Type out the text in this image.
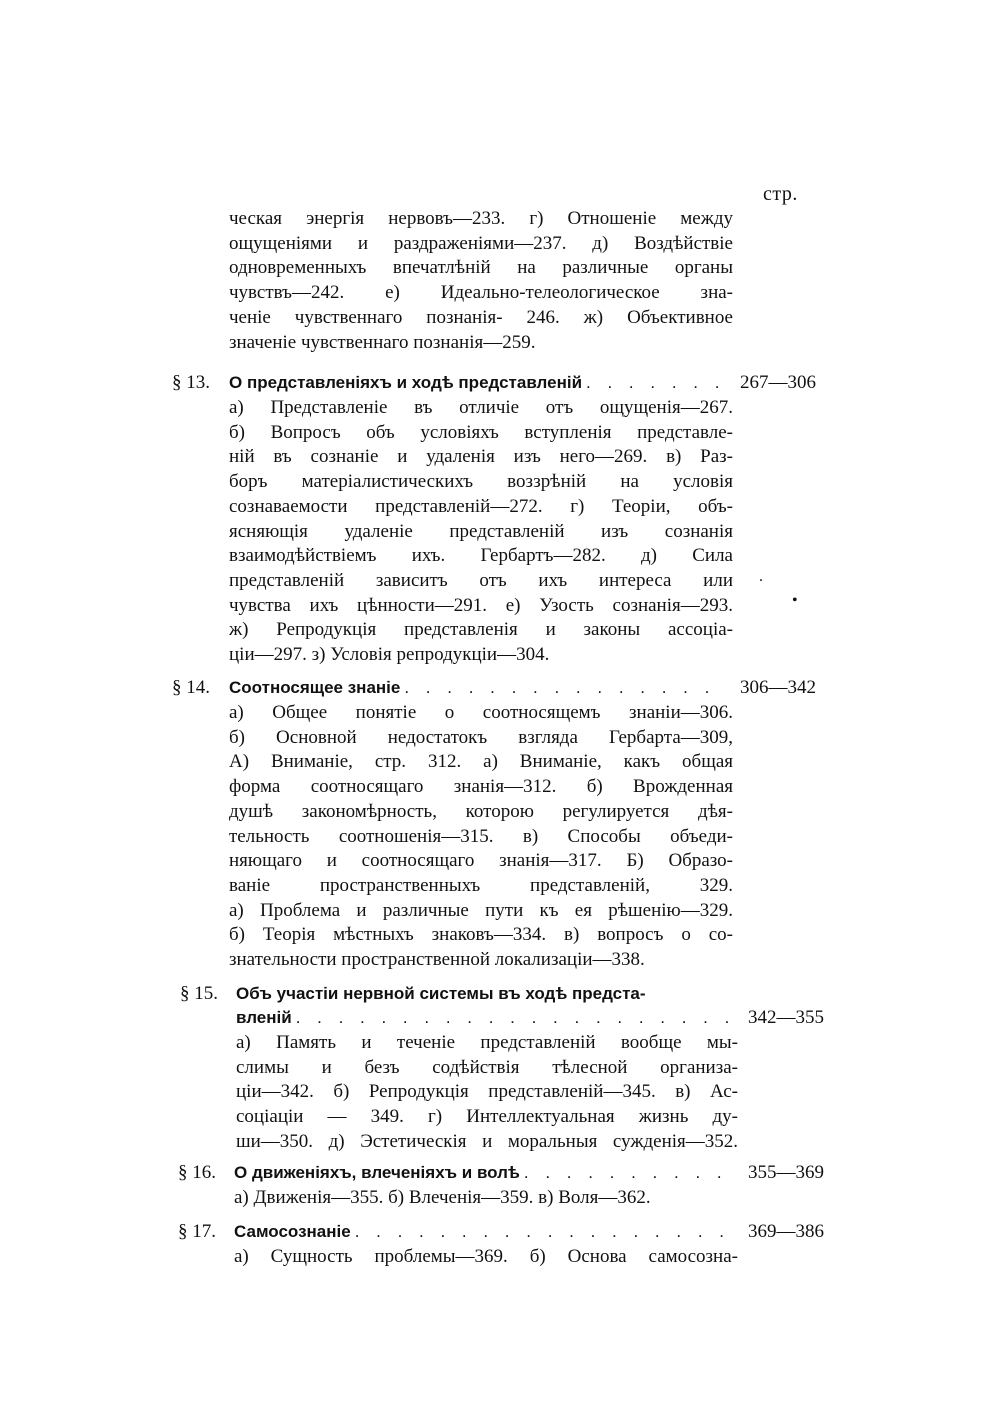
стр.
ческая энергія нервовъ—233. г) Отношеніе между
ощущеніями и раздраженіями—237. д) Воздѣйствіе
одновременныхъ впечатлѣній на различные органы
чувствъ—242. е) Идеально-телеологическое зна-
ченіе чувственнаго познанія- 246. ж) Объективное
значеніе чувственнаго познанія—259.
§ 13. О представленіяхъ и ходѣ представленій . . .	267—306
а) Представленіе въ отличіе отъ ощущенія—267.
б) Вопросъ объ условіяхъ вступленія представле-
ній въ сознаніе и удаленія изъ него—269. в) Раз-
боръ матеріалистическихъ воззрѣній на условія
сознаваемости представленій—272. г) Теоріи, объ-
ясняющія удаленіе представленій изъ сознанія
взаимодѣйствіемъ ихъ. Гербартъ—282. д) Сила
представленій зависитъ отъ ихъ интереса или
чувства ихъ цѣнности—291. е) Узость сознанія—293.
ж) Репродукція представленія и законы ассоціа-
ціи—297. з) Условія репродукціи—304.
.
•
§ 14. Соотносящее знаніе . . .	306—342
а) Общее понятіе о соотносящемъ знаніи—306.
б) Основной недостатокъ взгляда Гербарта—309,
А) Вниманіе, стр. 312. а) Вниманіе, какъ общая
форма соотносящаго знанія—312. б) Врожденная
душѣ закономѣрность, которою регулируется дѣя-
тельность соотношенія—315. в) Способы объеди-
няющаго и соотносящаго знанія—317. Б) Образо-
ваніе пространственныхъ представленій, 329.
а) Проблема и различные пути къ ея рѣшенію—329.
б) Теорія мѣстныхъ знаковъ—334. в) вопросъ о со-
знательности пространственной локализаціи—338.
§ 15. Объ участіи нервной системы въ ходѣ предста-
вленій . . .	342—355
а) Память и теченіе представленій вообще мы-
слимы и безъ содѣйствія тѣлесной организа-
ціи—342. б) Репродукція представленій—345. в) Ас-
соціаціи — 349. г) Интеллектуальная жизнь ду-
ши—350. д) Эстетическія и моральныя сужденія—352.
§ 16. О движеніяхъ, влеченіяхъ и волѣ . . .	355—369
а) Движенія—355. б) Влеченія—359. в) Воля—362.
§ 17. Самосознаніе . . .	369—386
а) Сущность проблемы—369. б) Основа самосозна-
